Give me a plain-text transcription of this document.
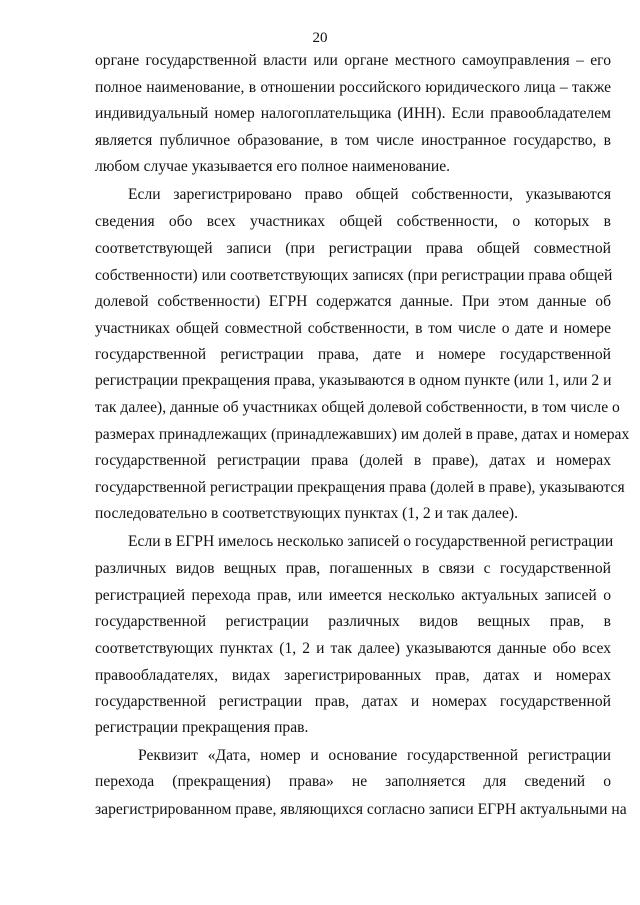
20
органе государственной власти или органе местного самоуправления – его
полное наименование, в отношении российского юридического лица – также
индивидуальный номер налогоплательщика (ИНН). Если правообладателем
является публичное образование, в том числе иностранное государство, в
любом случае указывается его полное наименование.
Если зарегистрировано право общей собственности, указываются
сведения обо всех участниках общей собственности, о которых в
соответствующей записи (при регистрации права общей совместной
собственности) или соответствующих записях (при регистрации права общей
долевой собственности) ЕГРН содержатся данные. При этом данные об
участниках общей совместной собственности, в том числе о дате и номере
государственной регистрации права, дате и номере государственной
регистрации прекращения права, указываются в одном пункте (или 1, или 2 и
так далее), данные об участниках общей долевой собственности, в том числе о
размерах принадлежащих (принадлежавших) им долей в праве, датах и номерах
государственной регистрации права (долей в праве), датах и номерах
государственной регистрации прекращения права (долей в праве), указываются
последовательно в соответствующих пунктах (1, 2 и так далее).
Если в ЕГРН имелось несколько записей о государственной регистрации
различных видов вещных прав, погашенных в связи с государственной
регистрацией перехода прав, или имеется несколько актуальных записей о
государственной регистрации различных видов вещных прав, в
соответствующих пунктах (1, 2 и так далее) указываются данные обо всех
правообладателях, видах зарегистрированных прав, датах и номерах
государственной регистрации прав, датах и номерах государственной
регистрации прекращения прав.
Реквизит «Дата, номер и основание государственной регистрации
перехода (прекращения) права» не заполняется для сведений о
зарегистрированном праве, являющихся согласно записи ЕГРН актуальными на
